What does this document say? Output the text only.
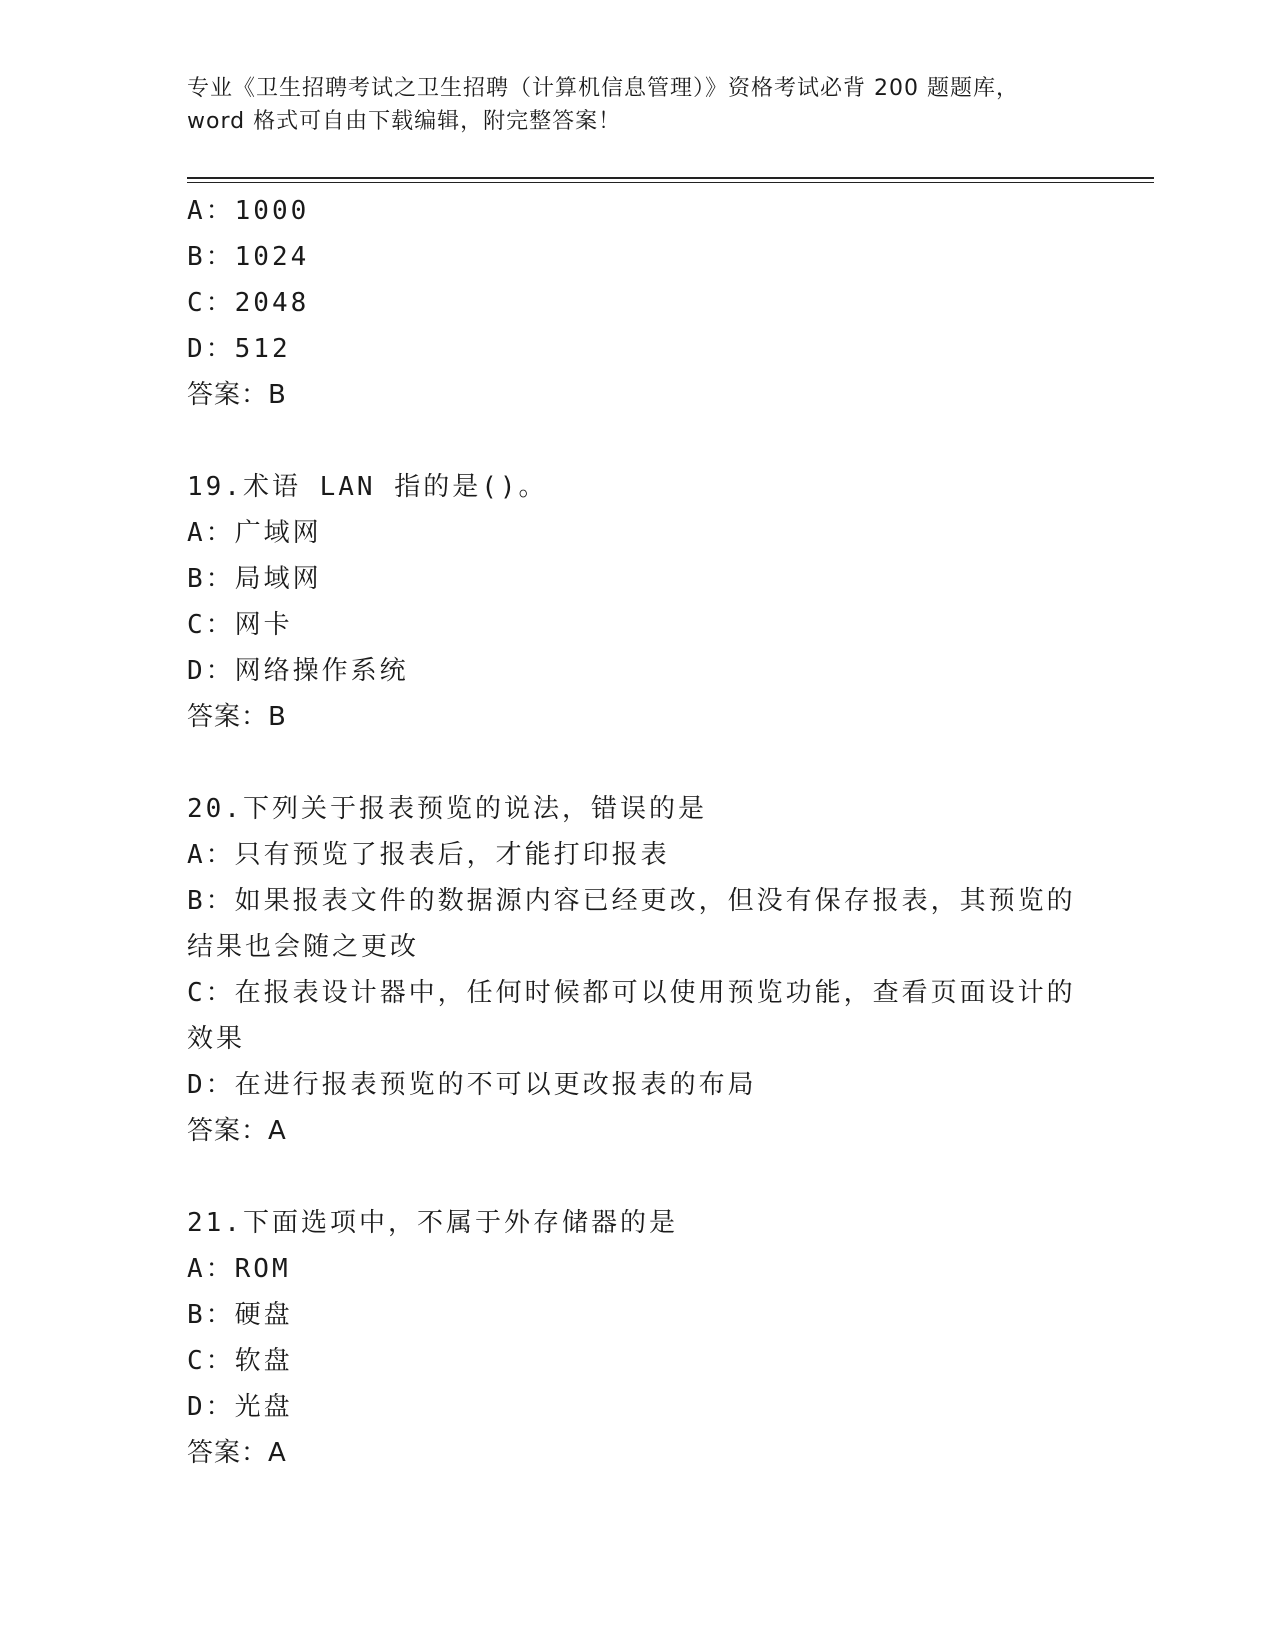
专业《卫生招聘考试之卫生招聘（计算机信息管理）》资格考试必背 200 题题库，
word 格式可自由下载编辑，附完整答案！
A：1000
B：1024
C：2048
D：512
答案：B
19.术语 LAN 指的是()。
A：广域网
B：局域网
C：网卡
D：网络操作系统
答案：B
20.下列关于报表预览的说法，错误的是
A：只有预览了报表后，才能打印报表
B：如果报表文件的数据源内容已经更改，但没有保存报表，其预览的
结果也会随之更改
C：在报表设计器中，任何时候都可以使用预览功能，查看页面设计的
效果
D：在进行报表预览的不可以更改报表的布局
答案：A
21.下面选项中，不属于外存储器的是
A：ROM
B：硬盘
C：软盘
D：光盘
答案：A
